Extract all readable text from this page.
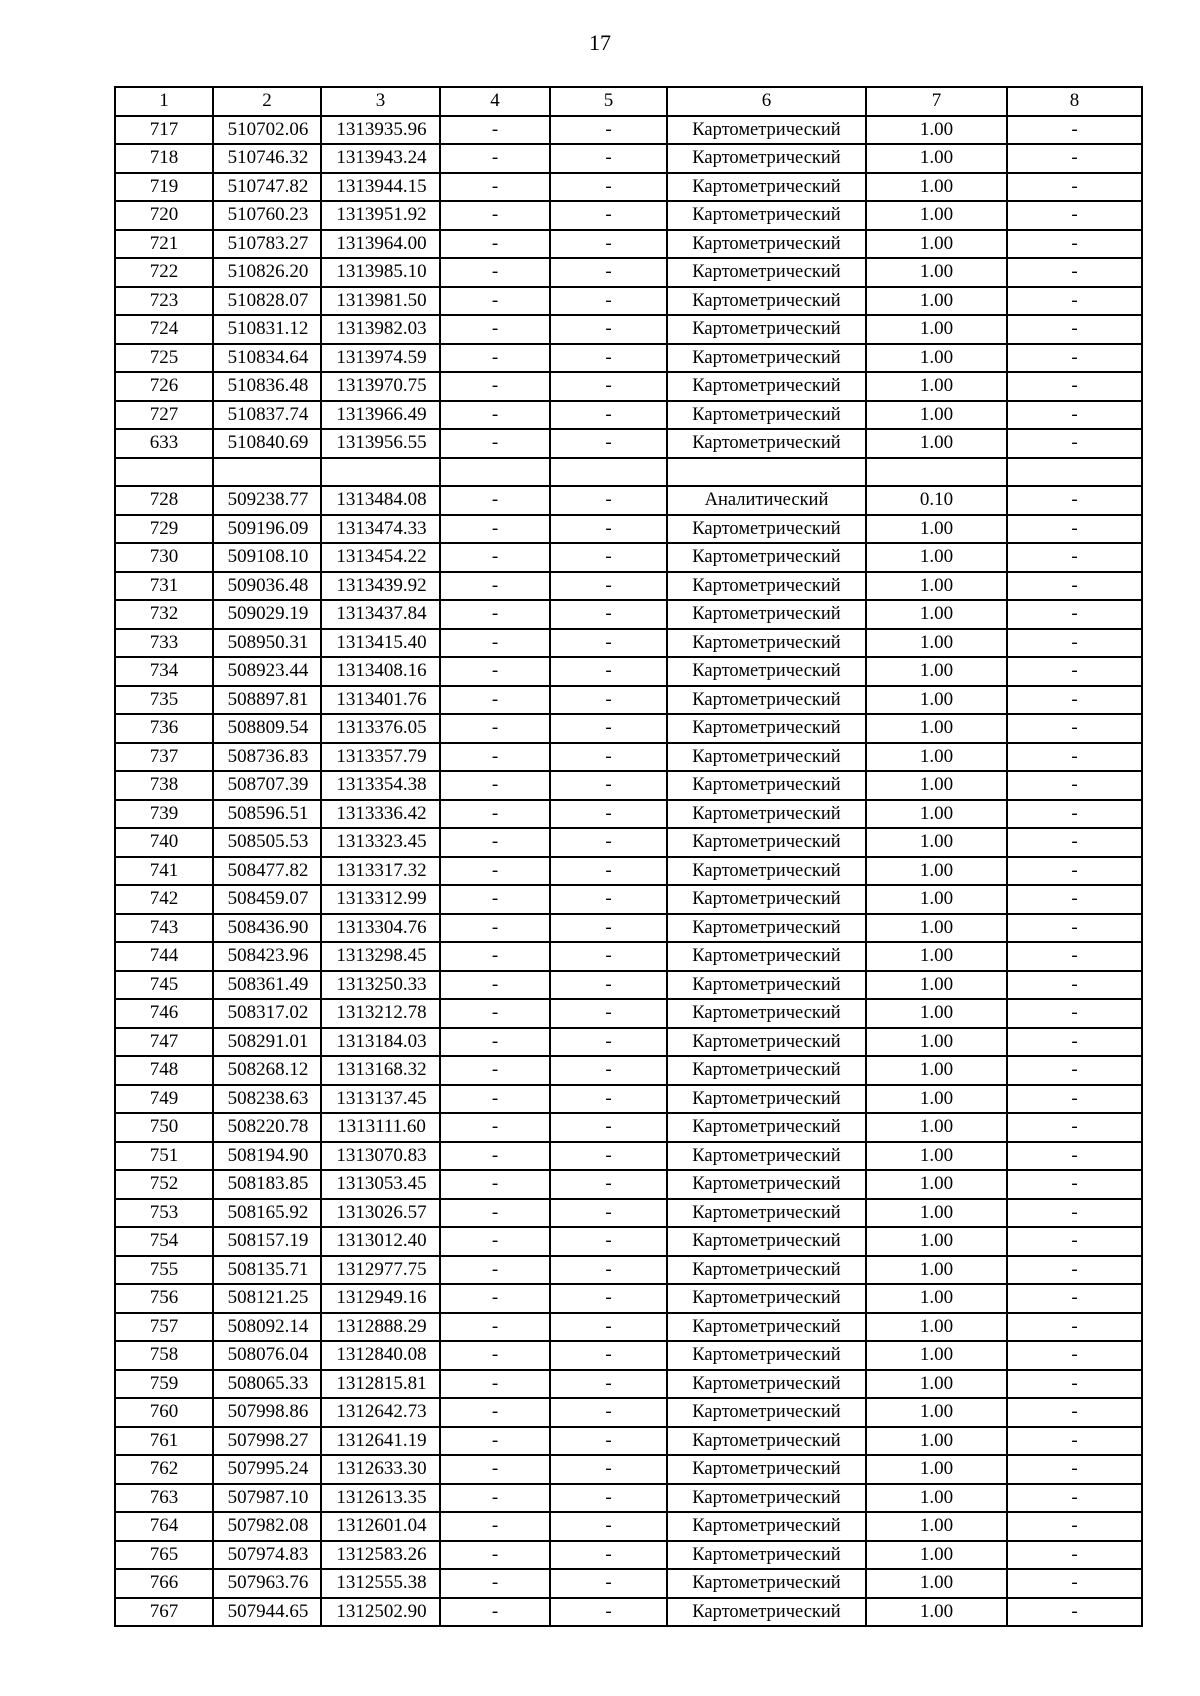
17
1	2	3	4	5	6	7	8
717	510702.06	1313935.96	-	-	Картометрический	1.00	-
718	510746.32	1313943.24	-	-	Картометрический	1.00	-
719	510747.82	1313944.15	-	-	Картометрический	1.00	-
720	510760.23	1313951.92	-	-	Картометрический	1.00	-
721	510783.27	1313964.00	-	-	Картометрический	1.00	-
722	510826.20	1313985.10	-	-	Картометрический	1.00	-
723	510828.07	1313981.50	-	-	Картометрический	1.00	-
724	510831.12	1313982.03	-	-	Картометрический	1.00	-
725	510834.64	1313974.59	-	-	Картометрический	1.00	-
726	510836.48	1313970.75	-	-	Картометрический	1.00	-
727	510837.74	1313966.49	-	-	Картометрический	1.00	-
633	510840.69	1313956.55	-	-	Картометрический	1.00	-

728	509238.77	1313484.08	-	-	Аналитический	0.10	-
729	509196.09	1313474.33	-	-	Картометрический	1.00	-
730	509108.10	1313454.22	-	-	Картометрический	1.00	-
731	509036.48	1313439.92	-	-	Картометрический	1.00	-
732	509029.19	1313437.84	-	-	Картометрический	1.00	-
733	508950.31	1313415.40	-	-	Картометрический	1.00	-
734	508923.44	1313408.16	-	-	Картометрический	1.00	-
735	508897.81	1313401.76	-	-	Картометрический	1.00	-
736	508809.54	1313376.05	-	-	Картометрический	1.00	-
737	508736.83	1313357.79	-	-	Картометрический	1.00	-
738	508707.39	1313354.38	-	-	Картометрический	1.00	-
739	508596.51	1313336.42	-	-	Картометрический	1.00	-
740	508505.53	1313323.45	-	-	Картометрический	1.00	-
741	508477.82	1313317.32	-	-	Картометрический	1.00	-
742	508459.07	1313312.99	-	-	Картометрический	1.00	-
743	508436.90	1313304.76	-	-	Картометрический	1.00	-
744	508423.96	1313298.45	-	-	Картометрический	1.00	-
745	508361.49	1313250.33	-	-	Картометрический	1.00	-
746	508317.02	1313212.78	-	-	Картометрический	1.00	-
747	508291.01	1313184.03	-	-	Картометрический	1.00	-
748	508268.12	1313168.32	-	-	Картометрический	1.00	-
749	508238.63	1313137.45	-	-	Картометрический	1.00	-
750	508220.78	1313111.60	-	-	Картометрический	1.00	-
751	508194.90	1313070.83	-	-	Картометрический	1.00	-
752	508183.85	1313053.45	-	-	Картометрический	1.00	-
753	508165.92	1313026.57	-	-	Картометрический	1.00	-
754	508157.19	1313012.40	-	-	Картометрический	1.00	-
755	508135.71	1312977.75	-	-	Картометрический	1.00	-
756	508121.25	1312949.16	-	-	Картометрический	1.00	-
757	508092.14	1312888.29	-	-	Картометрический	1.00	-
758	508076.04	1312840.08	-	-	Картометрический	1.00	-
759	508065.33	1312815.81	-	-	Картометрический	1.00	-
760	507998.86	1312642.73	-	-	Картометрический	1.00	-
761	507998.27	1312641.19	-	-	Картометрический	1.00	-
762	507995.24	1312633.30	-	-	Картометрический	1.00	-
763	507987.10	1312613.35	-	-	Картометрический	1.00	-
764	507982.08	1312601.04	-	-	Картометрический	1.00	-
765	507974.83	1312583.26	-	-	Картометрический	1.00	-
766	507963.76	1312555.38	-	-	Картометрический	1.00	-
767	507944.65	1312502.90	-	-	Картометрический	1.00	-
